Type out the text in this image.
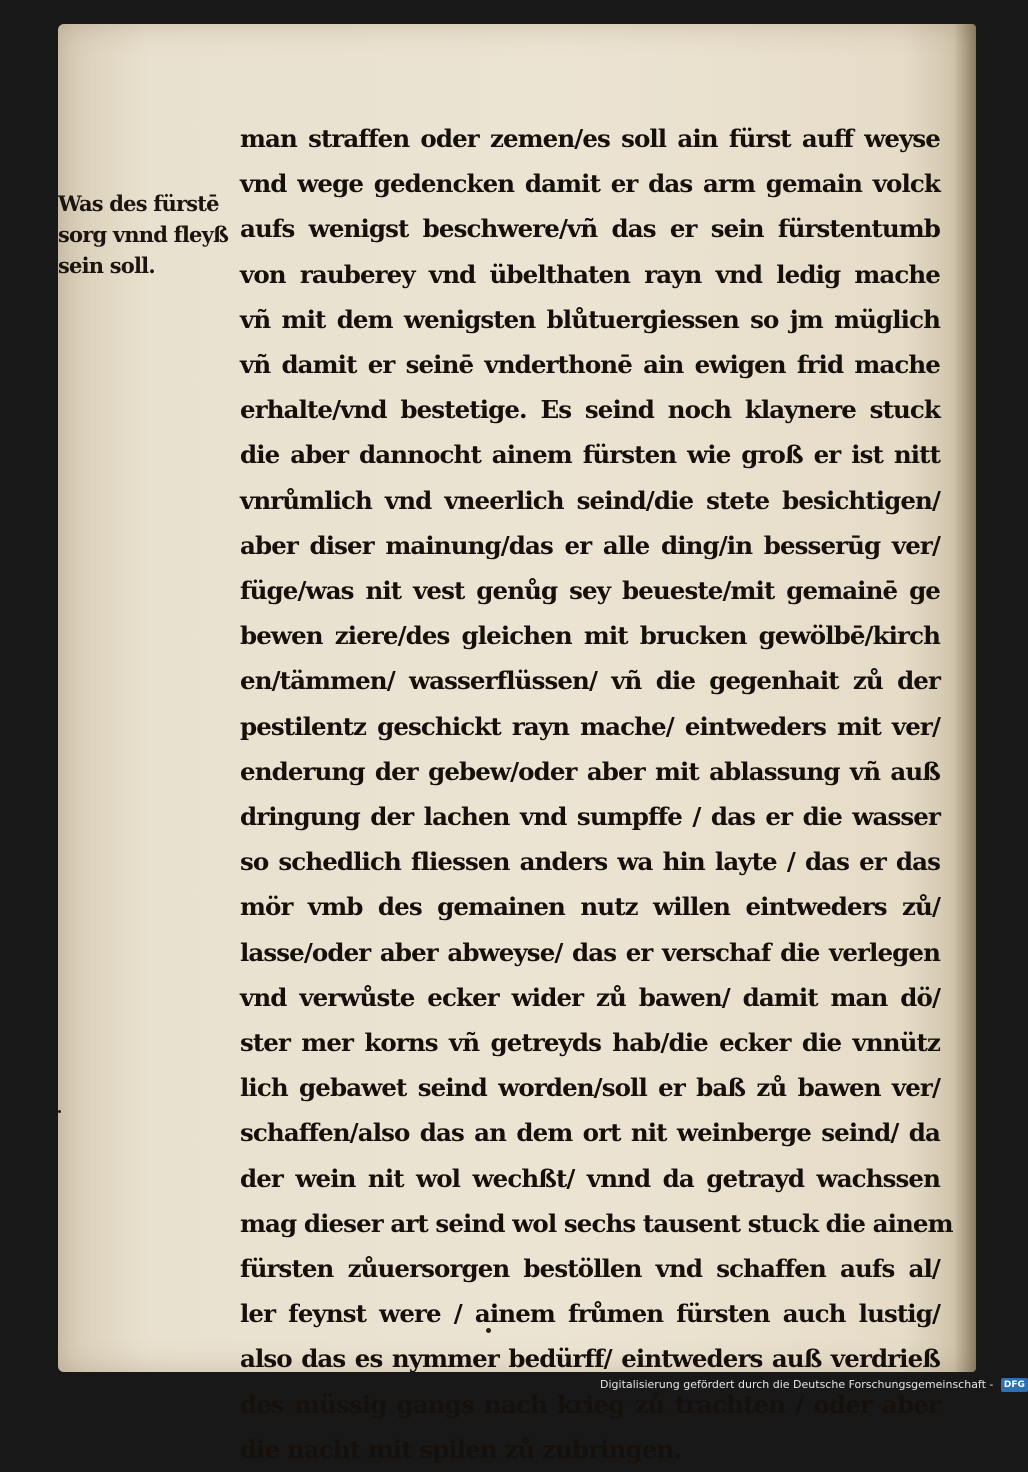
Was des fürstē
sorg vnnd fleyß
sein soll.
man straffen oder zemen/es soll ain fürst auff weyse
vnd wege gedencken damit er das arm gemain volck
aufs wenigst beschwere/vñ das er sein fürstentumb
von rauberey vnd übelthaten rayn vnd ledig mache
vñ mit dem wenigsten blůtuergiessen so jm müglich
vñ damit er seinē vnderthonē ain ewigen frid mache
erhalte/vnd bestetige. Es seind noch klaynere stuck
die aber dannocht ainem fürsten wie groß er ist nitt
vnrůmlich vnd vneerlich seind/die stete besichtigen/
aber diser mainung/das er alle ding/in besserūg ver/
füge/was nit vest genůg sey beueste/mit gemainē ge
bewen ziere/des gleichen mit brucken gewölbē/kirch
en/tämmen/ wasserflüssen/ vñ die gegenhait zů der
pestilentz geschickt rayn mache/ eintweders mit ver/
enderung der gebew/oder aber mit ablassung vñ auß
dringung der lachen vnd sumpffe / das er die wasser
so schedlich fliessen anders wa hin layte / das er das
mör vmb des gemainen nutz willen eintweders zů/
lasse/oder aber abweyse/ das er verschaf die verlegen
vnd verwůste ecker wider zů bawen/ damit man dö/
ster mer korns vñ getreyds hab/die ecker die vnnütz
lich gebawet seind worden/soll er baß zů bawen ver/
schaffen/also das an dem ort nit weinberge seind/ da
der wein nit wol wechßt/ vnnd da getrayd wachssen
mag dieser art seind wol sechs tausent stuck die ainem
fürsten zůuersorgen bestöllen vnd schaffen aufs al/
ler feynst were / ainem frůmen fürsten auch lustig/
also das es nymmer bedürff/ eintweders auß verdrieß
des müssig gangs nach krieg zů trachten / oder aber
die nacht mit spilen zů zubringen.
Digitalisierung gefördert durch die Deutsche Forschungsgemeinschaft - DFG
